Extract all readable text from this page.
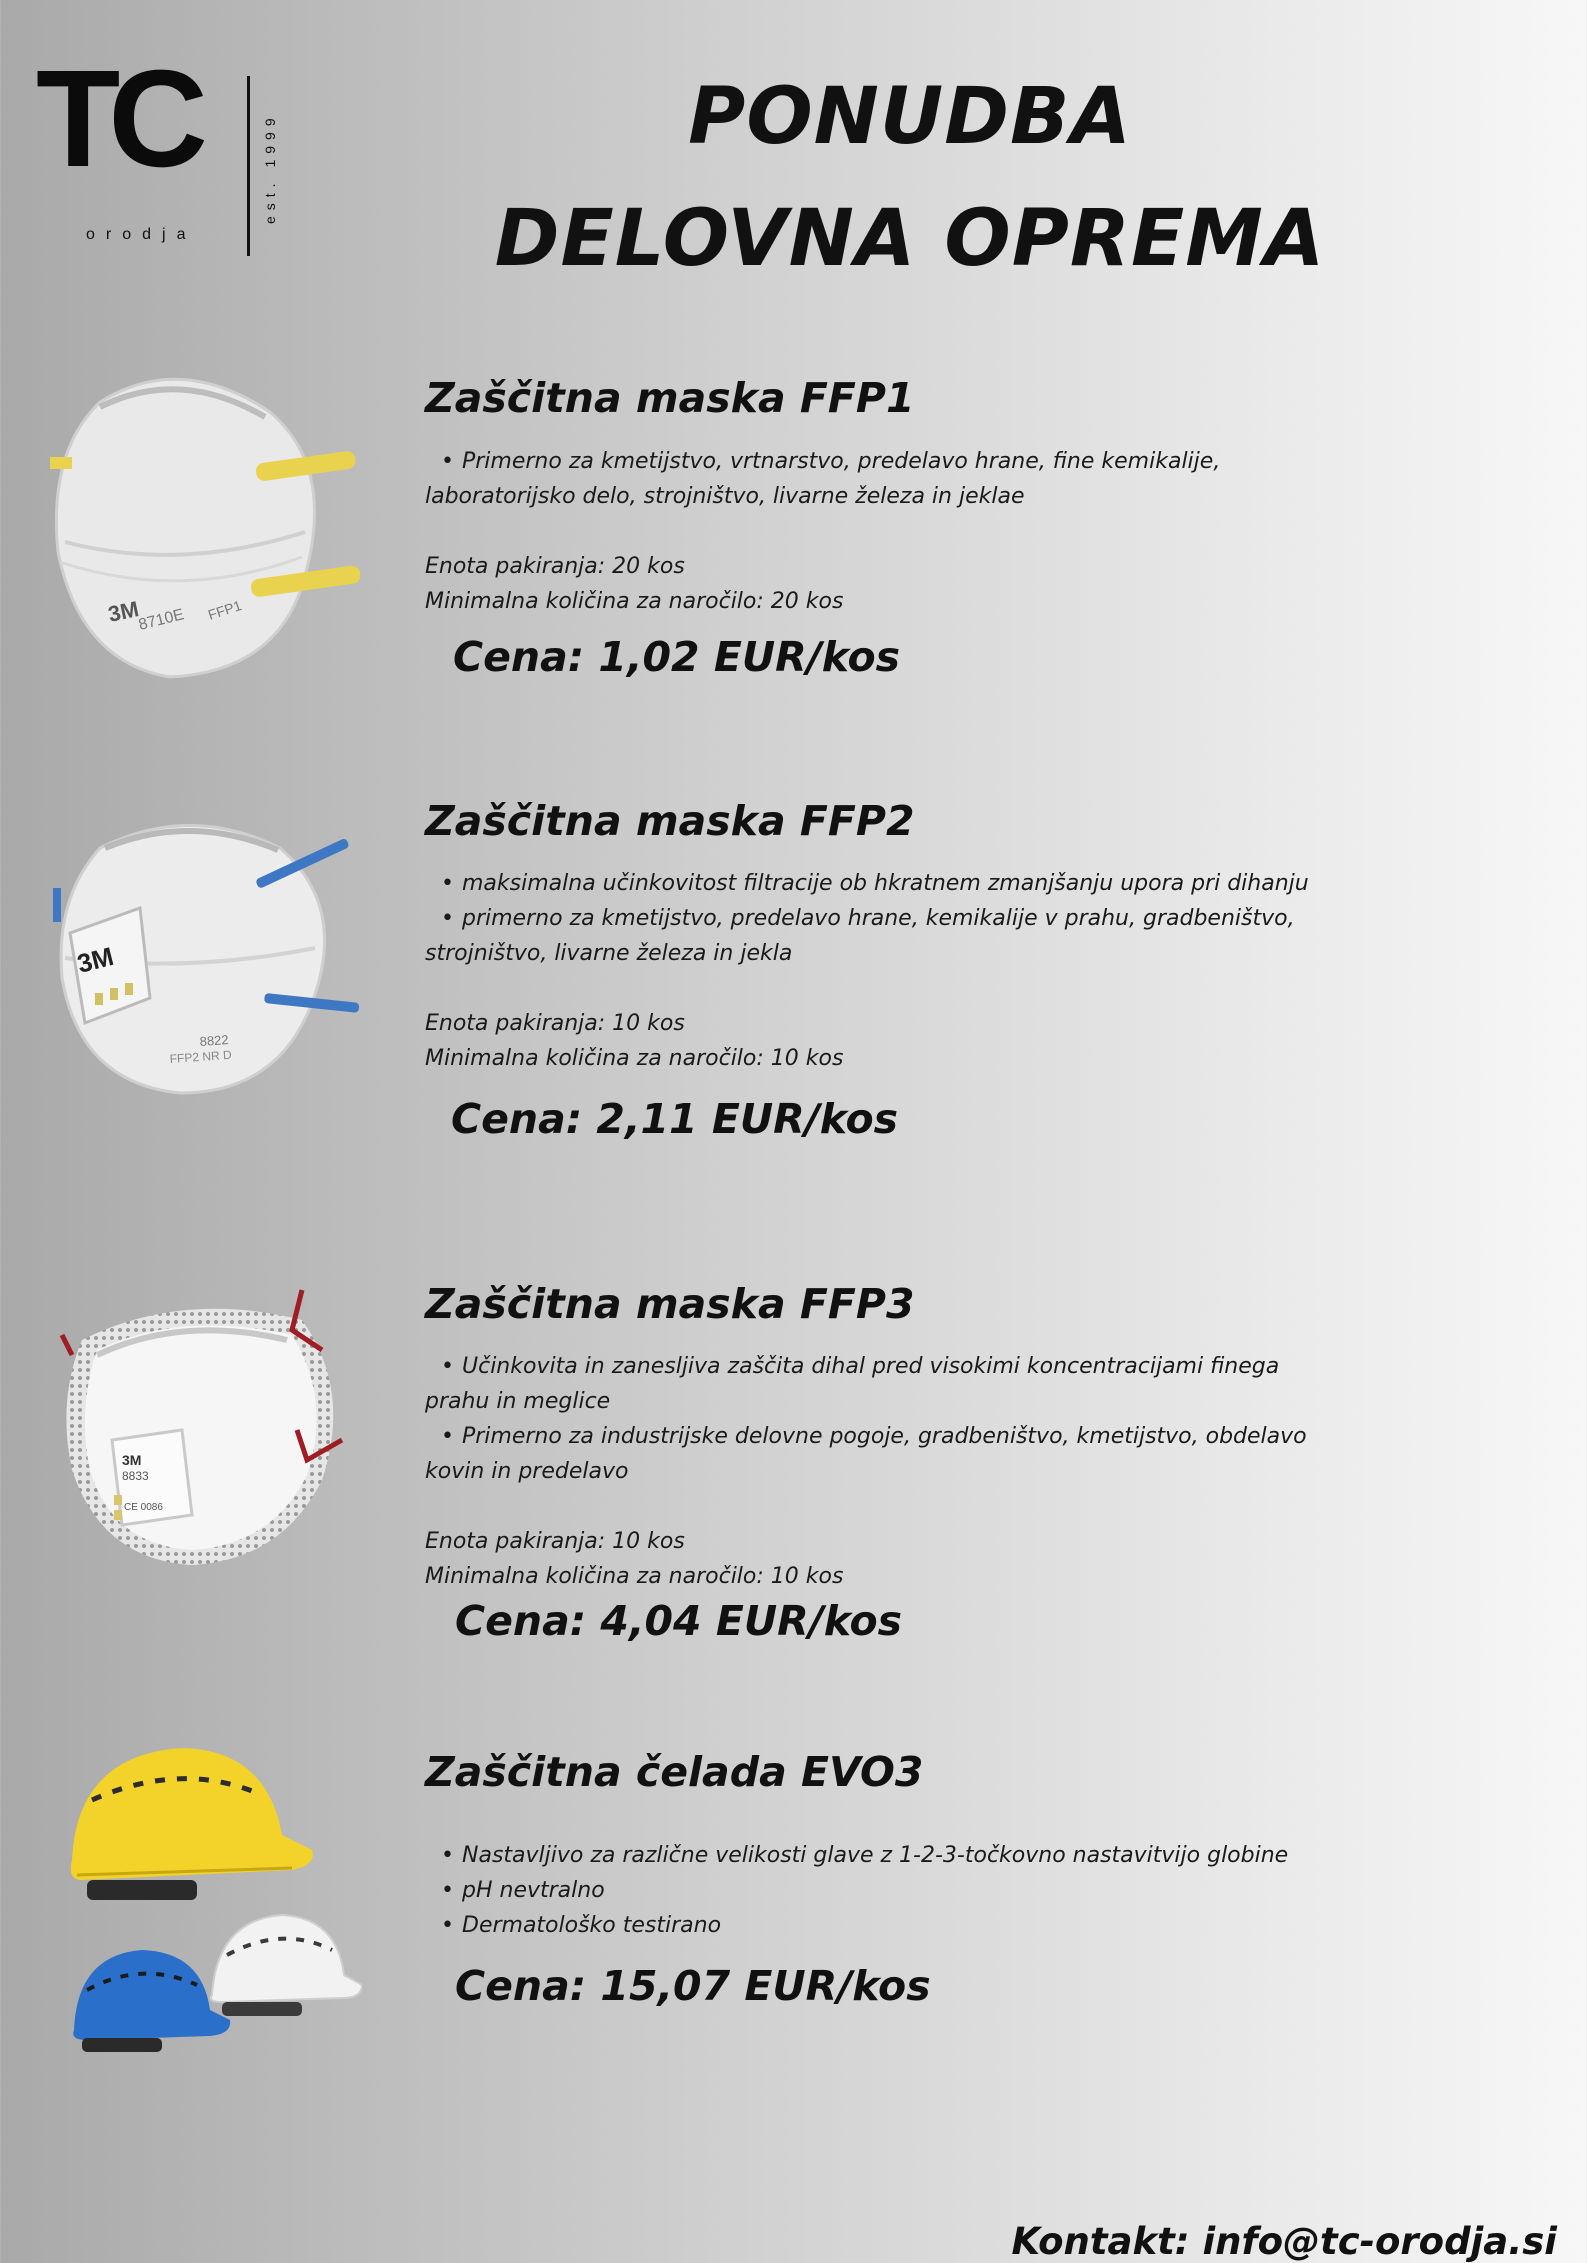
TC
orodja
est. 1999	PONUDBA
DELOVNA OPREMA
3M
8710E FFP1
Zaščitna maska FFP1
• Primerno za kmetijstvo, vrtnarstvo, predelavo hrane, fine kemikalije,
laboratorijsko delo, strojništvo, livarne železa in jeklae
Enota pakiranja: 20 kos
Minimalna količina za naročilo: 20 kos
Cena: 1,02 EUR/kos
3M
8822
FFP2 NR D
Zaščitna maska FFP2
• maksimalna učinkovitost filtracije ob hkratnem zmanjšanju upora pri dihanju
• primerno za kmetijstvo, predelavo hrane, kemikalije v prahu, gradbeništvo,
strojništvo, livarne železa in jekla
Enota pakiranja: 10 kos
Minimalna količina za naročilo: 10 kos
Cena: 2,11 EUR/kos
3M
8833
CE 0086
Zaščitna maska FFP3
• Učinkovita in zanesljiva zaščita dihal pred visokimi koncentracijami finega
prahu in meglice
• Primerno za industrijske delovne pogoje, gradbeništvo, kmetijstvo, obdelavo
kovin in predelavo
Enota pakiranja: 10 kos
Minimalna količina za naročilo: 10 kos
Cena: 4,04 EUR/kos
Zaščitna čelada EVO3
• Nastavljivo za različne velikosti glave z 1-2-3-točkovno nastavitvijo globine
• pH nevtralno
• Dermatološko testirano
Cena: 15,07 EUR/kos
Kontakt: info@tc-orodja.si
